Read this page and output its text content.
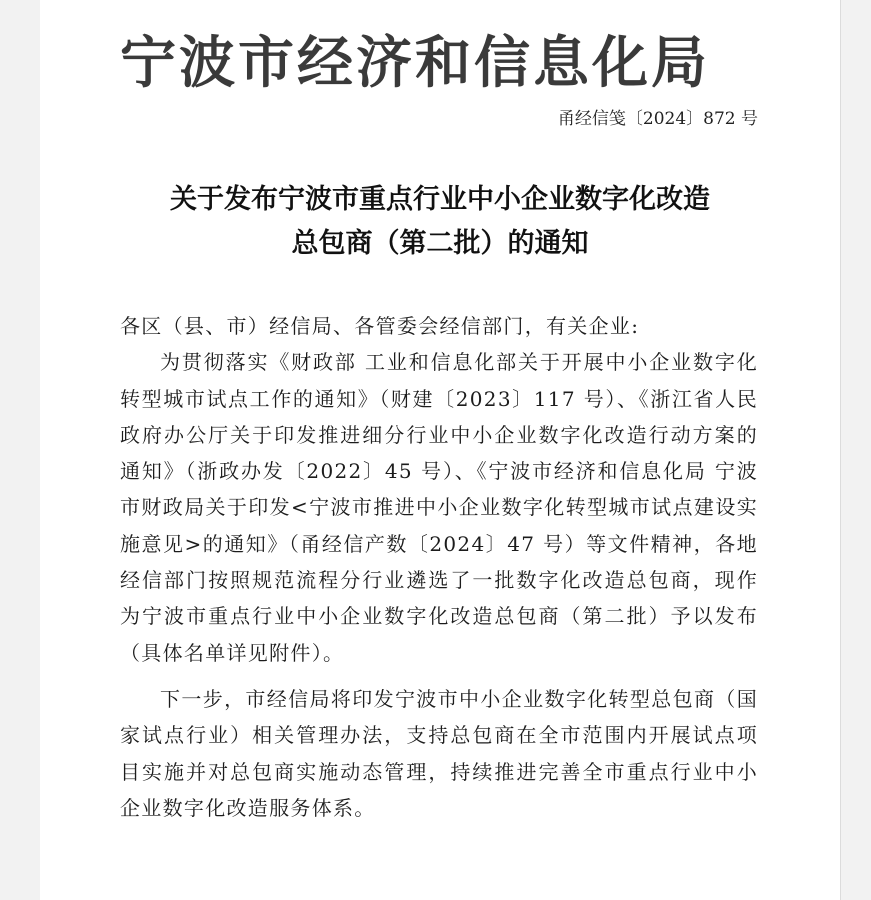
宁波市经济和信息化局
甬经信笺〔2024〕872 号
关于发布宁波市重点行业中小企业数字化改造
总包商（第二批）的通知

各区（县、市）经信局、各管委会经信部门，有关企业:

为贯彻落实《财政部 工业和信息化部关于开展中小企业数字化转型城市试点工作的通知》（财建〔2023〕117 号）、《浙江省人民政府办公厅关于印发推进细分行业中小企业数字化改造行动方案的通知》（浙政办发〔2022〕45 号）、《宁波市经济和信息化局 宁波市财政局关于印发<宁波市推进中小企业数字化转型城市试点建设实施意见>的通知》（甬经信产数〔2024〕47 号）等文件精神，各地经信部门按照规范流程分行业遴选了一批数字化改造总包商，现作为宁波市重点行业中小企业数字化改造总包商（第二批）予以发布（具体名单详见附件）。

下一步，市经信局将印发宁波市中小企业数字化转型总包商（国家试点行业）相关管理办法，支持总包商在全市范围内开展试点项目实施并对总包商实施动态管理，持续推进完善全市重点行业中小企业数字化改造服务体系。
